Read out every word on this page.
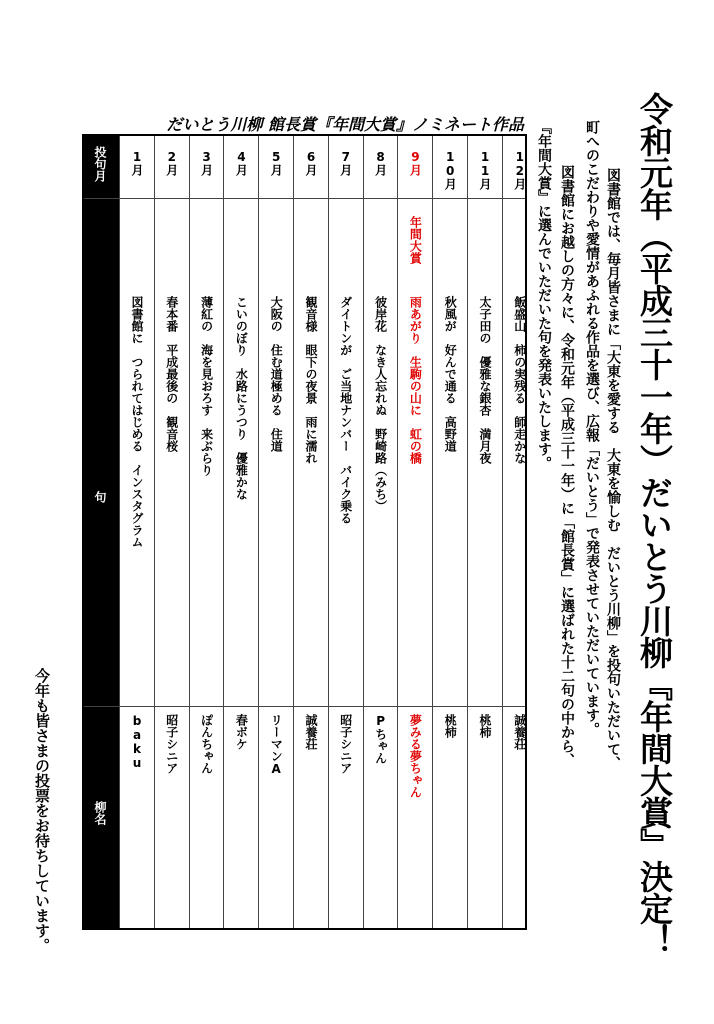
令和元年（平成三十一年）だいとう川柳『年間大賞』決定！
図書館では、毎月皆さまに「大東を愛する　大東を愉しむ　だいとう川柳」を投句いただいて、
町へのこだわりや愛情があふれる作品を選び、広報「だいとう」で発表させていただいています。
図書館にお越しの方々に、令和元年（平成三十一年）に「館長賞」に選ばれた十二句の中から、
『年間大賞』に選んでいただいた句を発表いたします。
だいとう川柳 館長賞『年間大賞』ノミネート作品
投句月
句
柳名
1月
図書館に　つられてはじめる　インスタグラム
baku
2月
春本番　平成最後の　観音桜
昭子シニア
3月
薄紅の　海を見おろす　来ぶらり
ぽんちゃん
4月
こいのぼり　水路にうつり　優雅かな
春ボケ
5月
大阪の　住む道極める　住道
リーマンA
6月
観音様　眼下の夜景　雨に濡れ
誠養荘
7月
ダイトンが　ご当地ナンバー　バイク乗る
昭子シニア
8月
彼岸花　なき人忘れぬ　野崎路（みち）
Pちゃん
9月
年間大賞
雨あがり　生駒の山に　虹の橋
夢みる夢ちゃん
10月
秋風が　好んで通る　高野道
桃柿
11月
太子田の　優雅な銀杏　満月夜
桃柿
12月
飯盛山　柿の実残る　師走かな
誠養荘
今年も皆さまの投票をお待ちしています。
